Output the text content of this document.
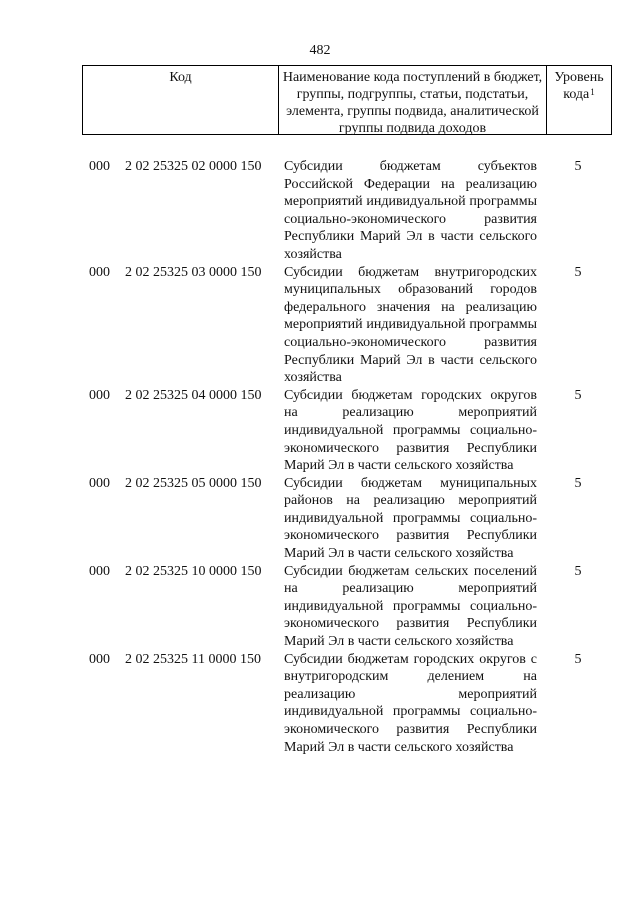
482
Код	Наименование кода поступлений в бюджет, группы, подгруппы, статьи, подстатьи, элемента, группы подвида, аналитической группы подвида доходов
Уровень кода$^1$
000 2 02 25325 02 0000 150 Субсидии бюджетам субъектов Российской Федерации на реализацию мероприятий индивидуальной программы социально-экономического развития Республики Марий Эл в части сельского хозяйства
5
000 2 02 25325 03 0000 150 Субсидии бюджетам внутригородских муниципальных образований городов федерального значения на реализацию мероприятий индивидуальной программы социально-экономического развития Республики Марий Эл в части сельского хозяйства
5
000 2 02 25325 04 0000 150 Субсидии бюджетам городских округов на реализацию мероприятий индивидуальной программы социально-экономического развития Республики Марий Эл в части сельского хозяйства
5
000 2 02 25325 05 0000 150 Субсидии бюджетам муниципальных районов на реализацию мероприятий индивидуальной программы социально-экономического развития Республики Марий Эл в части сельского хозяйства
5
000 2 02 25325 10 0000 150 Субсидии бюджетам сельских поселений на реализацию мероприятий индивидуальной программы социально-экономического развития Республики Марий Эл в части сельского хозяйства
5
000 2 02 25325 11 0000 150 Субсидии бюджетам городских округов с внутригородским делением на реализацию мероприятий индивидуальной программы социально-экономического развития Республики Марий Эл в части сельского хозяйства
5
